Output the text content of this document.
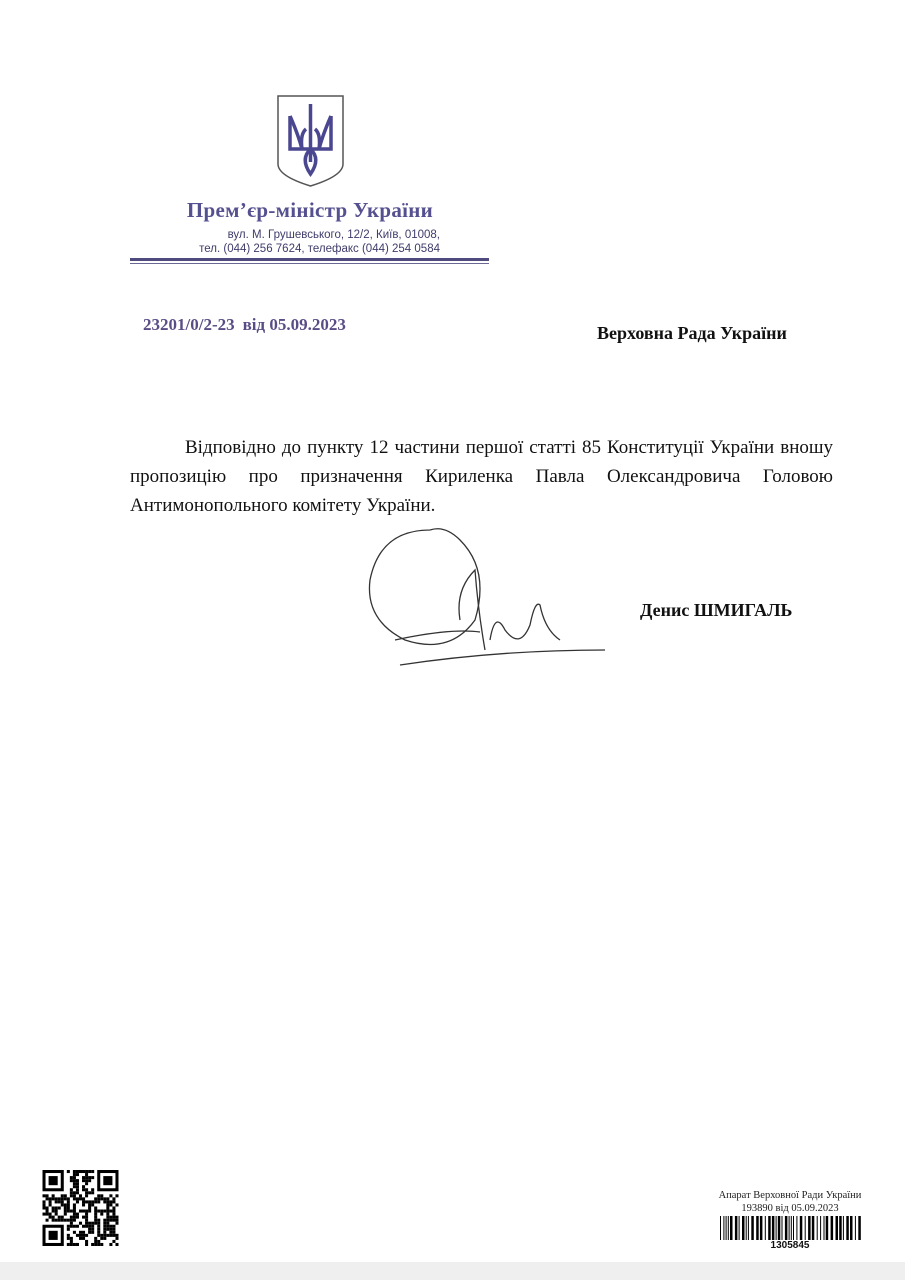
Прем’єр-міністр України
вул. М. Грушевського, 12/2, Київ, 01008,
тел. (044) 256 7624, телефакс (044) 254 0584
23201/0/2-23 від 05.09.2023	Верховна Рада України

Відповідно до пункту 12 частини першої статті 85 Конституції України вношу пропозицію про призначення Кириленка Павла Олександровича Головою Антимонопольного комітету України.

Денис ШМИГАЛЬ
Апарат Верховної Ради України
193890 від 05.09.2023
1305845
